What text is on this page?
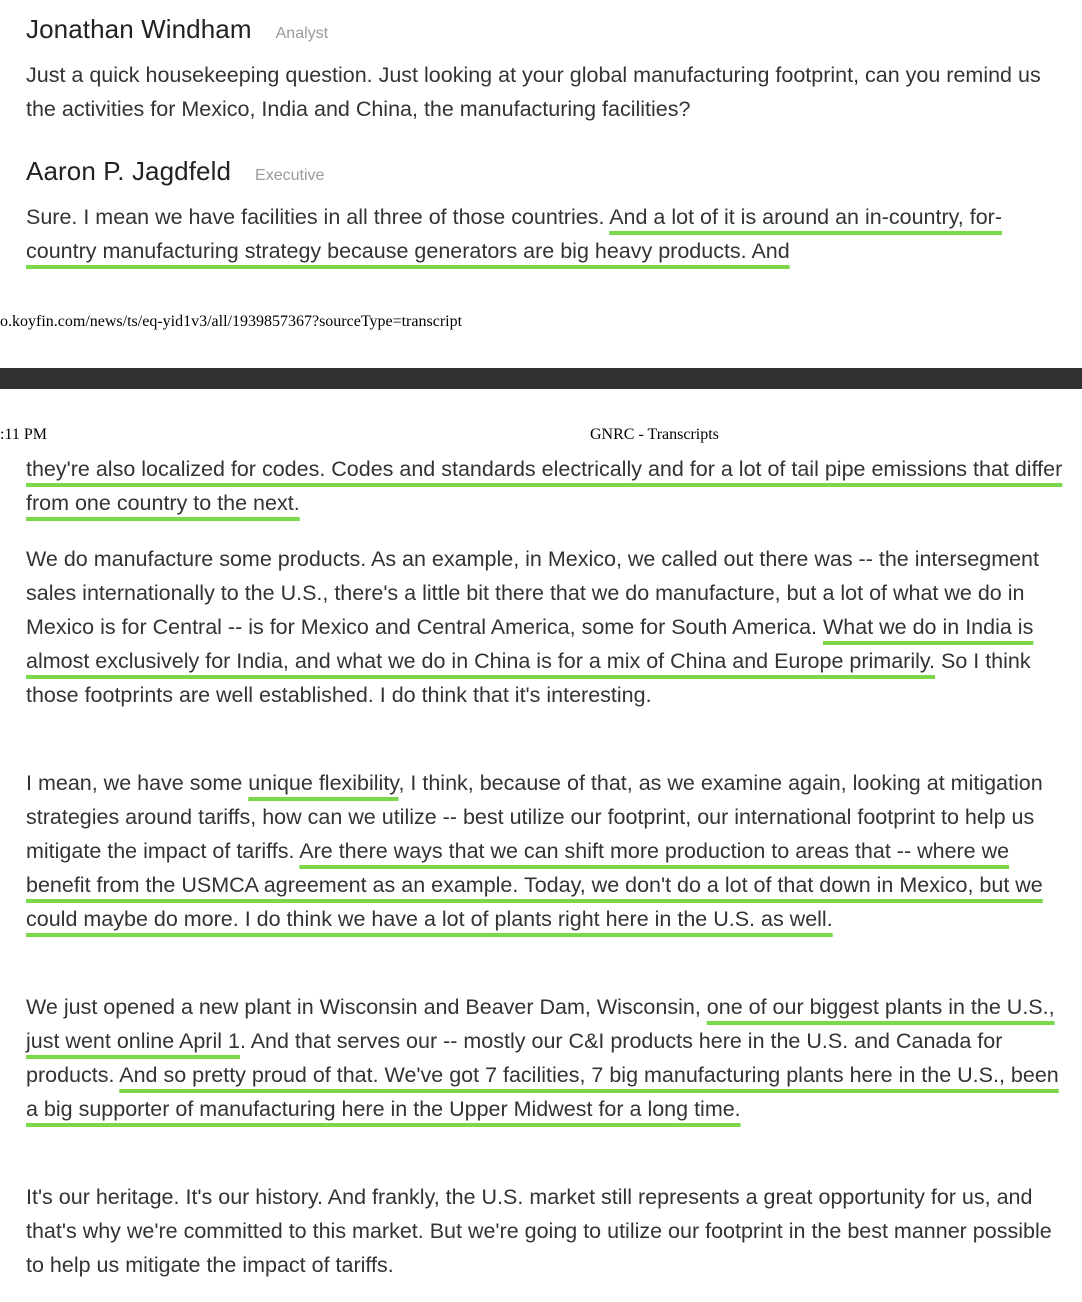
Jonathan Windham Analyst

Just a quick housekeeping question. Just looking at your global manufacturing footprint, can you remind us the activities for Mexico, India and China, the manufacturing facilities?

Aaron P. Jagdfeld Executive

Sure. I mean we have facilities in all three of those countries. And a lot of it is around an in-country, for-country manufacturing strategy because generators are big heavy products. And

o.koyfin.com/news/ts/eq-yid1v3/all/1939857367?sourceType=transcript
:11 PM	GNRC - Transcripts

they're also localized for codes. Codes and standards electrically and for a lot of tail pipe emissions that differ from one country to the next.

We do manufacture some products. As an example, in Mexico, we called out there was -- the intersegment sales internationally to the U.S., there's a little bit there that we do manufacture, but a lot of what we do in Mexico is for Central -- is for Mexico and Central America, some for South America. What we do in India is almost exclusively for India, and what we do in China is for a mix of China and Europe primarily. So I think those footprints are well established. I do think that it's interesting.

I mean, we have some unique flexibility, I think, because of that, as we examine again, looking at mitigation strategies around tariffs, how can we utilize -- best utilize our footprint, our international footprint to help us mitigate the impact of tariffs. Are there ways that we can shift more production to areas that -- where we benefit from the USMCA agreement as an example. Today, we don't do a lot of that down in Mexico, but we could maybe do more. I do think we have a lot of plants right here in the U.S. as well.

We just opened a new plant in Wisconsin and Beaver Dam, Wisconsin, one of our biggest plants in the U.S., just went online April 1. And that serves our -- mostly our C&I products here in the U.S. and Canada for products. And so pretty proud of that. We've got 7 facilities, 7 big manufacturing plants here in the U.S., been a big supporter of manufacturing here in the Upper Midwest for a long time.

It's our heritage. It's our history. And frankly, the U.S. market still represents a great opportunity for us, and that's why we're committed to this market. But we're going to utilize our footprint in the best manner possible to help us mitigate the impact of tariffs.
